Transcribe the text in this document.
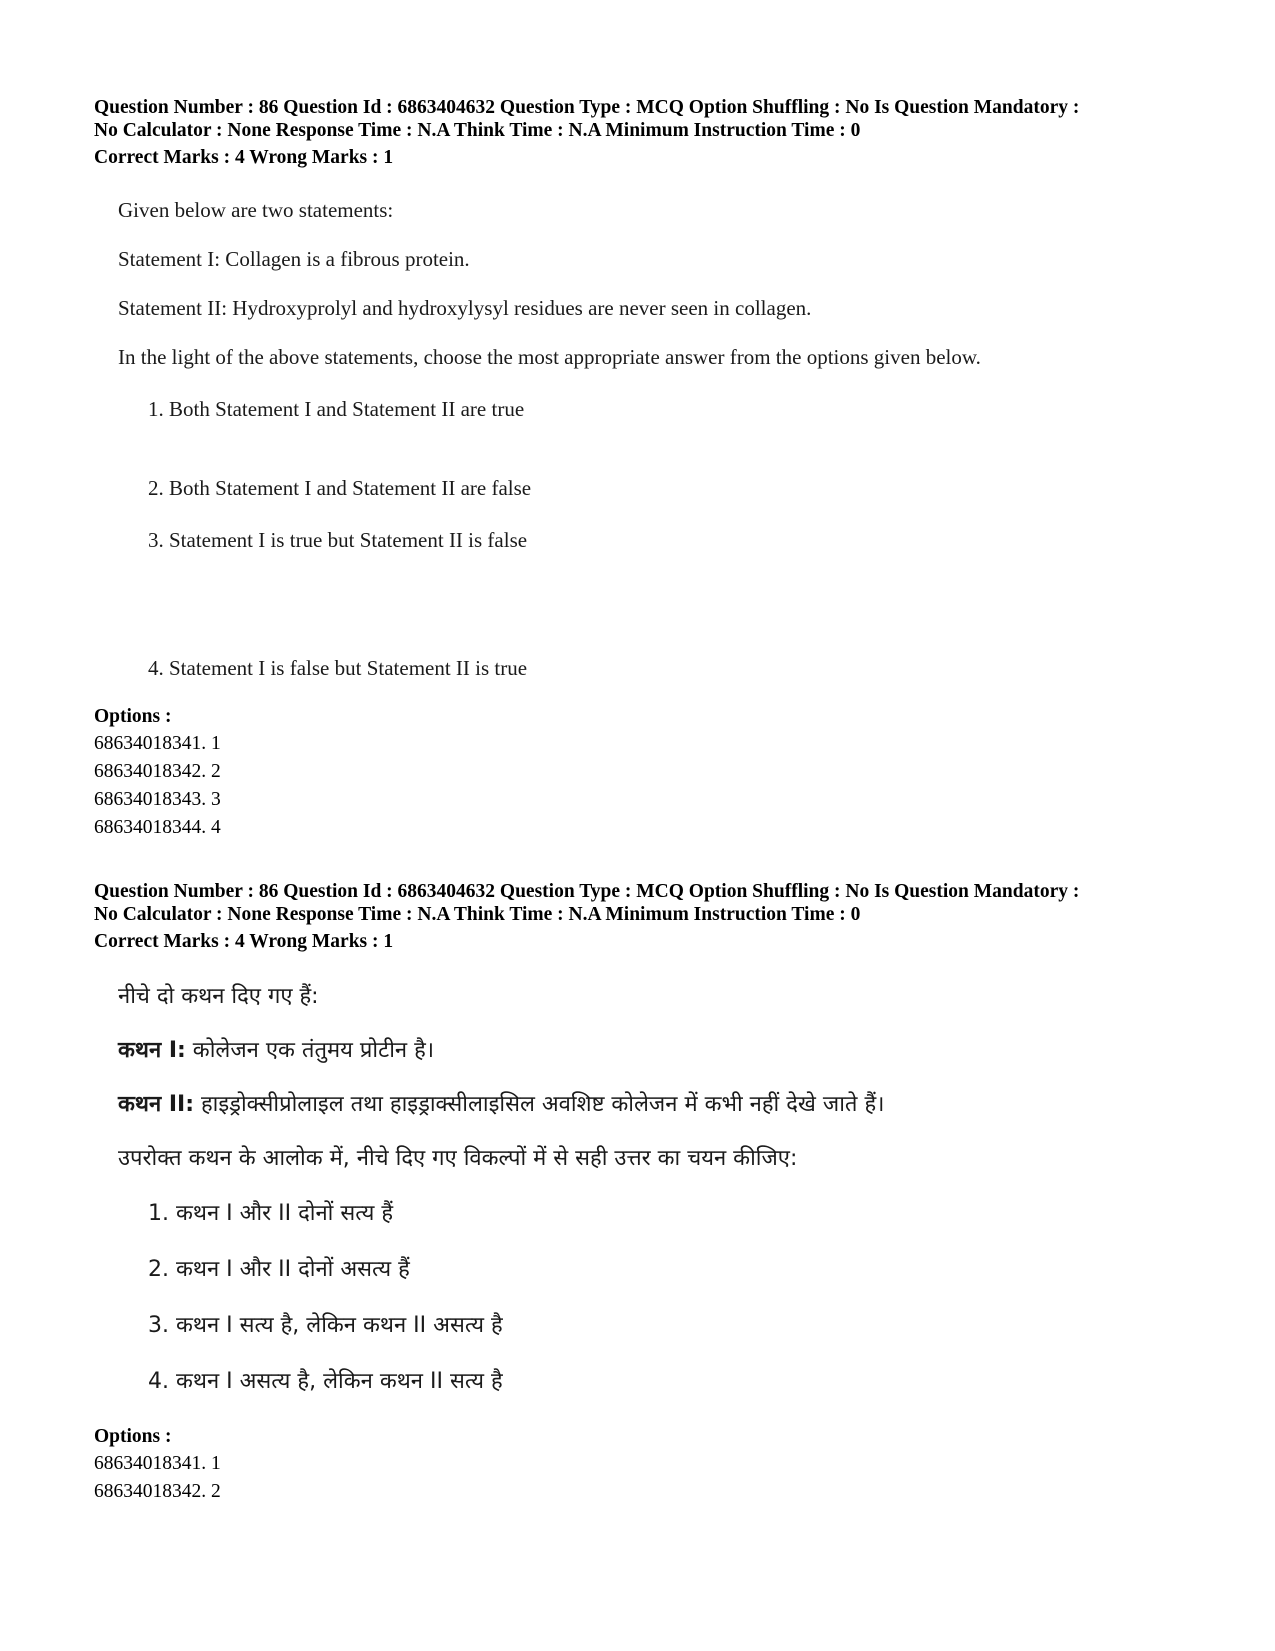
Question Number : 86 Question Id : 6863404632 Question Type : MCQ Option Shuffling : No Is Question Mandatory :
No Calculator : None Response Time : N.A Think Time : N.A Minimum Instruction Time : 0
Correct Marks : 4 Wrong Marks : 1
Given below are two statements:
Statement I: Collagen is a fibrous protein.
Statement II: Hydroxyprolyl and hydroxylysyl residues are never seen in collagen.
In the light of the above statements, choose the most appropriate answer from the options given below.
1. Both Statement I and Statement II are true
2. Both Statement I and Statement II are false
3. Statement I is true but Statement II is false
4. Statement I is false but Statement II is true
Options :
68634018341. 1
68634018342. 2
68634018343. 3
68634018344. 4
Question Number : 86 Question Id : 6863404632 Question Type : MCQ Option Shuffling : No Is Question Mandatory :
No Calculator : None Response Time : N.A Think Time : N.A Minimum Instruction Time : 0
Correct Marks : 4 Wrong Marks : 1
नीचे दो कथन दिए गए हैं:
कथन I: कोलेजन एक तंतुमय प्रोटीन है।
कथन II: हाइड्रोक्सीप्रोलाइल तथा हाइड्राक्सीलाइसिल अवशिष्ट कोलेजन में कभी नहीं देखे जाते हैं।
उपरोक्त कथन के आलोक में, नीचे दिए गए विकल्पों में से सही उत्तर का चयन कीजिए:
1. कथन I और II दोनों सत्य हैं
2. कथन I और II दोनों असत्य हैं
3. कथन I सत्य है, लेकिन कथन II असत्य है
4. कथन I असत्य है, लेकिन कथन II सत्य है
Options :
68634018341. 1
68634018342. 2
